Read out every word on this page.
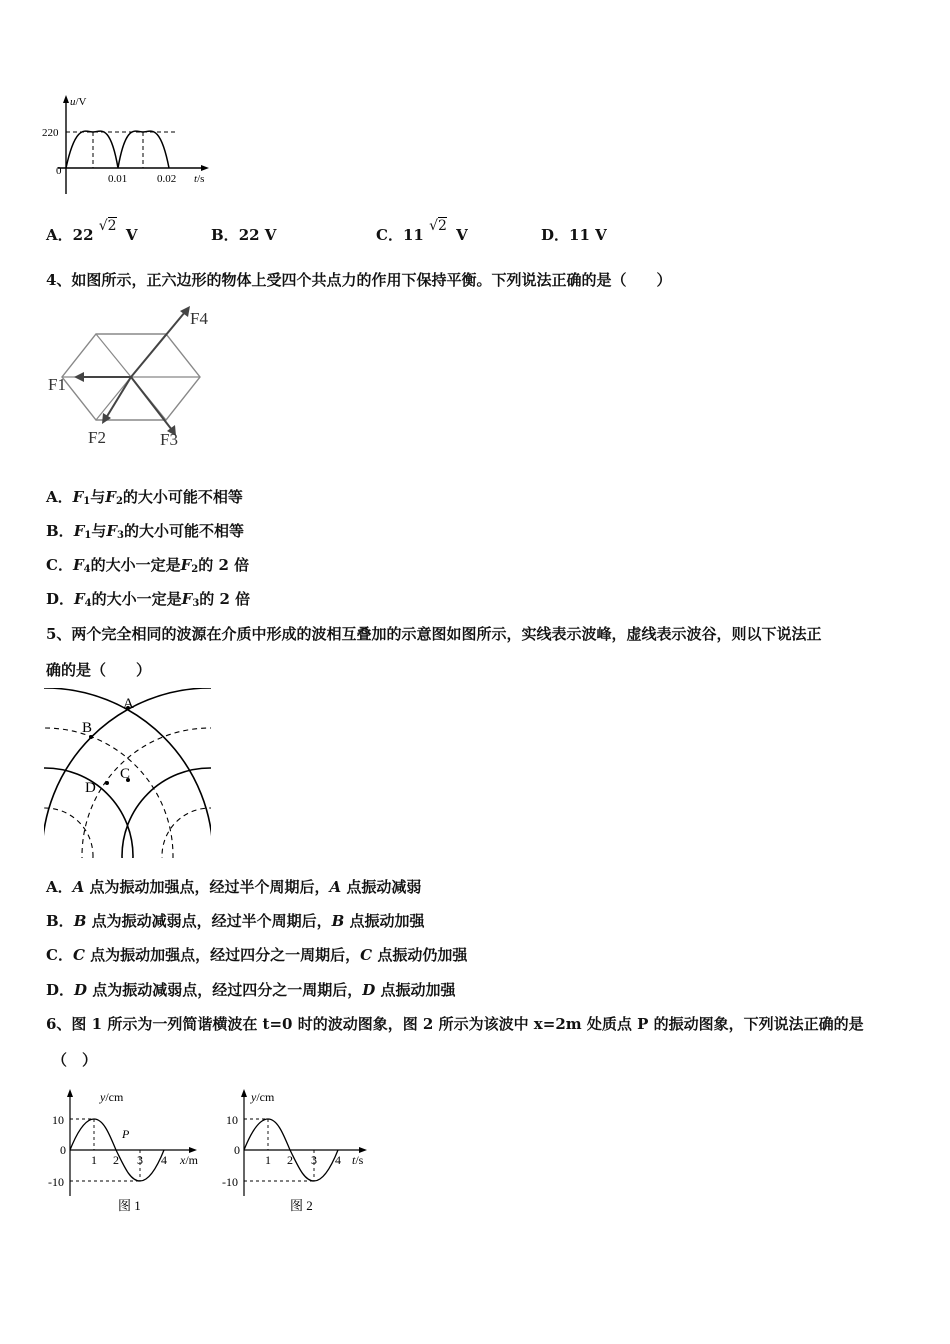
u/V
220
0
0.01	0.02 t/s
A．22 √2 V	B．22 V	C．11 √2 V	D．11 V
4、如图所示，正六边形的物体上受四个共点力的作用下保持平衡。下列说法正确的是（　　）
F1
F2	F3
F4
A．$F_1$与$F_2$的大小可能不相等
B．$F_1$与$F_3$的大小可能不相等
C．$F_4$的大小一定是$F_2$的 2 倍
D．$F_4$的大小一定是$F_3$的 2 倍
5、两个完全相同的波源在介质中形成的波相互叠加的示意图如图所示，实线表示波峰，虚线表示波谷，则以下说法正
确的是（　　）
A
B
C
D
A．A 点为振动加强点，经过半个周期后，A 点振动减弱
B．B 点为振动减弱点，经过半个周期后，B 点振动加强
C．C 点为振动加强点，经过四分之一周期后，C 点振动仍加强
D．D 点为振动减弱点，经过四分之一周期后，D 点振动加强
6、图 1 所示为一列简谐横波在 t=0 时的波动图象，图 2 所示为该波中 x=2m 处质点 P 的振动图象，下列说法正确的是
（　）
y/cm
10
0
-10
P
1 2 3 4 x/m
图 1
y/cm
10
0
-10
1 2 3 4 t/s
图 2
